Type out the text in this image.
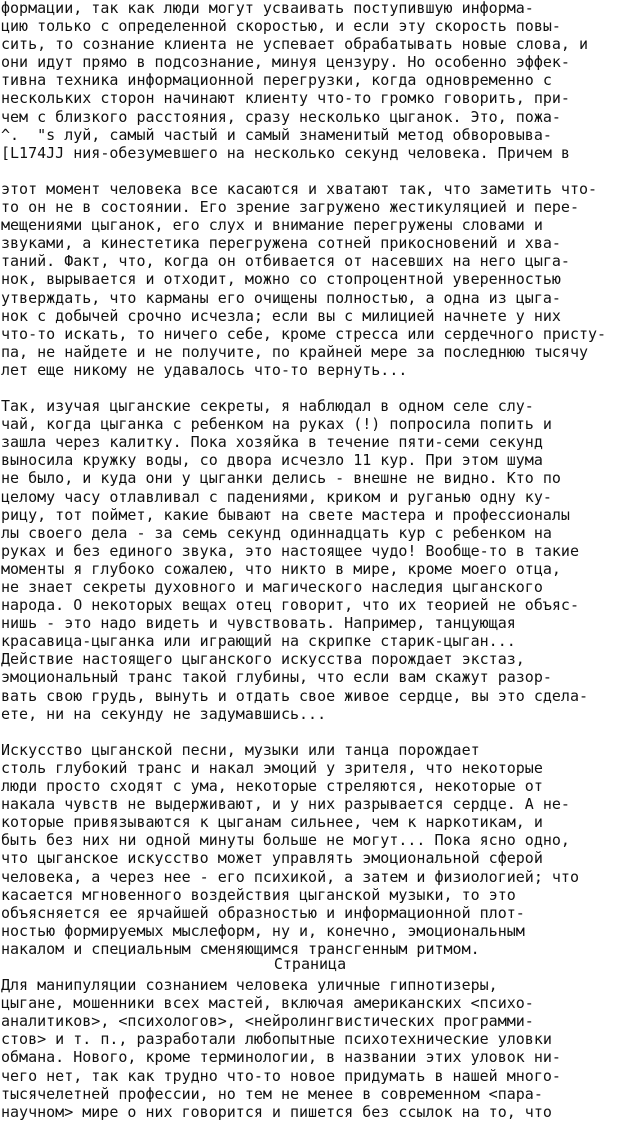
формации, так как люди могут усваивать поступившую информа-
цию только с определенной скоростью, и если эту скорость повы-
сить, то сознание клиента не успевает обрабатывать новые слова, и
они идут прямо в подсознание, минуя цензуру. Но особенно эффек-
тивна техника информационной перегрузки, когда одновременно с
нескольких сторон начинают клиенту что-то громко говорить, при-
чем с близкого расстояния, сразу несколько цыганок. Это, пожа-
^.  "s луй, самый частый и самый знаменитый метод обворовыва-
[L174JJ ния-обезумевшего на несколько секунд человека. Причем в
этот момент человека все касаются и хватают так, что заметить что-
то он не в состоянии. Его зрение загружено жестикуляцией и пере-
мещениями цыганок, его слух и внимание перегружены словами и
звуками, а кинестетика перегружена сотней прикосновений и хва-
таний. Факт, что, когда он отбивается от насевших на него цыга-
нок, вырывается и отходит, можно со стопроцентной уверенностью
утверждать, что карманы его очищены полностью, а одна из цыга-
нок с добычей срочно исчезла; если вы с милицией начнете у них
что-то искать, то ничего себе, кроме стресса или сердечного присту-
па, не найдете и не получите, по крайней мере за последнюю тысячу
лет еще никому не удавалось что-то вернуть...
Так, изучая цыганские секреты, я наблюдал в одном селе слу-
чай, когда цыганка с ребенком на руках (!) попросила попить и
зашла через калитку. Пока хозяйка в течение пяти-семи секунд
выносила кружку воды, со двора исчезло 11 кур. При этом шума
не было, и куда они у цыганки делись - внешне не видно. Кто по
целому часу отлавливал с падениями, криком и руганью одну ку-
рицу, тот поймет, какие бывают на свете мастера и профессионалы
лы своего дела - за семь секунд одиннадцать кур с ребенком на
руках и без единого звука, это настоящее чудо! Вообще-то в такие
моменты я глубоко сожалею, что никто в мире, кроме моего отца,
не знает секреты духовного и магического наследия цыганского
народа. О некоторых вещах отец говорит, что их теорией не объяс-
нишь - это надо видеть и чувствовать. Например, танцующая
красавица-цыганка или играющий на скрипке старик-цыган...
Действие настоящего цыганского искусства порождает экстаз,
эмоциональный транс такой глубины, что если вам скажут разор-
вать свою грудь, вынуть и отдать свое живое сердце, вы это сделa-
ете, ни на секунду не задумавшись...
Искусство цыганской песни, музыки или танца порождает
столь глубокий транс и накал эмоций у зрителя, что некоторые
люди просто сходят с ума, некоторые стреляются, некоторые от
накала чувств не выдерживают, и у них разрывается сердце. А не-
которые привязываются к цыганам сильнее, чем к наркотикам, и
быть без них ни одной минуты больше не могут... Пока ясно одно,
что цыганское искусство может управлять эмоциональной сферой
человека, а через нее - его психикой, а затем и физиологией; что
касается мгновенного воздействия цыганской музыки, то это
объясняется ее ярчайшей образностью и информационной плот-
ностью формируемых мыслеформ, ну и, конечно, эмоциональным
накалом и специальным сменяющимся трансгенным ритмом.
Для манипуляции сознанием человека уличные гипнотизеры,
цыгане, мошенники всех мастей, включая американских <психо-
аналитиков>, <психологов>, <нейролингвистических программи-
стов> и т. п., разработали любопытные психотехнические уловки
обмана. Нового, кроме терминологии, в названии этих уловок ни-
чего нет, так как трудно что-то новое придумать в нашей много-
тысячелетней профессии, но тем не менее в современном <пара-
научном> мире о них говорится и пишется без ссылок на то, что
Страница
